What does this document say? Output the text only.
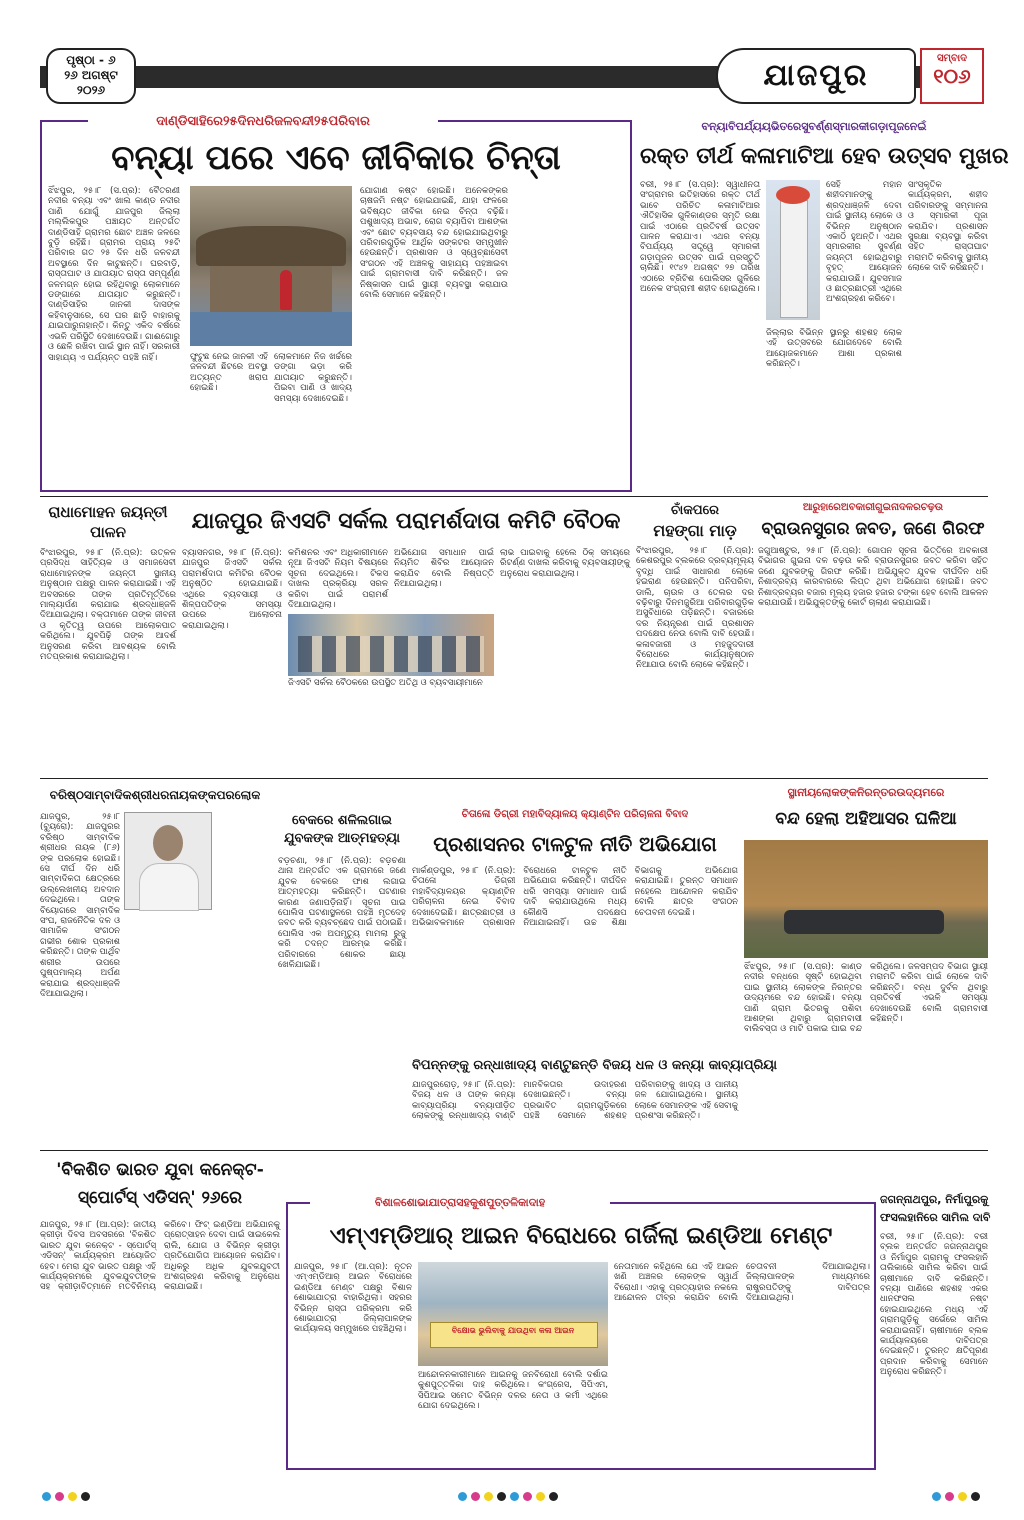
ପୃଷ୍ଠା - ୬
୨୬ ଅଗଷ୍ଟ
୨୦୨୬	ଯାଜପୁର	ସମ୍ବାଦ
୧୦୬
ଦାଣ୍ଡିସାହିରେ୨୫ଦିନଧରିଜଳବନ୍ଦୀ୨୫ପରିବାର
ବନ୍ୟା ପରେ ଏବେ ଜୀବିକାର ଚିନ୍ତା
ଝିଁଝପୁର, ୨୫।୮ (ସ.ପ୍ର): ବୈତରଣୀ ନଦୀର ବନ୍ୟା ଏବଂ ଖାଲ କାଣ୍ଡ ନଦୀର ପାଣି ଯୋଗୁଁ ଯାଜପୁର ଜିଲ୍ଲା ମଲ୍ଲିକପୁର ପଞ୍ଚାୟତ ଅନ୍ତର୍ଗତ ଦାଣ୍ଡିସାହି ଗ୍ରାମର ଛୋଟ ଅଞ୍ଚଳ ଜଳରେ ବୁଡ଼ି ରହିଛି। ଗ୍ରାମର ପ୍ରାୟ ୨୫ଟି ପରିବାର ଗତ ୨୫ ଦିନ ଧରି ଜଳବନ୍ଦୀ ଅବସ୍ଥାରେ ଦିନ କାଟୁଛନ୍ତି। ଘରବାଡ଼ି, ରାସ୍ତାଘାଟ ଓ ଯାତାୟାତ ରାସ୍ତା ସମ୍ପୂର୍ଣ୍ଣ ଜଳମଗ୍ନ ହୋଇ ରହିଥିବାରୁ ଲୋକମାନେ ଡଙ୍ଗାରେ ଯାତାୟାତ କରୁଛନ୍ତି। ଦାଣ୍ଡିସାହିର ଜାନକୀ ଦାସଙ୍କ କହିବାନୁସାରେ, ସେ ଘର ଛାଡ଼ି ବାହାରକୁ ଯାଇପାରୁନାହାନ୍ତି। କିନ୍ତୁ ଏକିଦ ବର୍ଷରେ ଏଭଳି ପରିସ୍ଥିତି ଦେଖାଦେଉଛି। ଗାଈଗୋରୁ ଓ ଛେଳି ରଖିବା ପାଇଁ ସ୍ଥାନ ନାହିଁ। ସରକାରୀ ସାହାଯ୍ୟ ଏ ପର୍ଯ୍ୟନ୍ତ ପହଞ୍ଚି ନାହିଁ।	ଫୁଟୁଛ ନେଇ ଜାନକୀ ଏହି ଜଳବନ୍ଦୀ ଛିଟରେ ଅବସ୍ଥା ଅତ୍ୟନ୍ତ ଖରାପ ହୋଇଛି।
ଲୋକମାନେ ନିଜ ଖର୍ଚ୍ଚରେ ଡଙ୍ଗା ଭଡ଼ା କରି ଯାତାୟାତ କରୁଛନ୍ତି। ପିଇବା ପାଣି ଓ ଖାଦ୍ୟ ସମସ୍ୟା ଦେଖାଦେଇଛି।
ଯୋଗାଣ କଷ୍ଟ ହୋଇଛି। ଅନେକଙ୍କର ଚାଷଜମି ନଷ୍ଟ ହୋଇଯାଇଛି, ଯାହା ଫଳରେ ଭବିଷ୍ୟତ ଜୀବିକା ନେଇ ଚିନ୍ତା ବଢ଼ିଛି। ପଶୁଖାଦ୍ୟ ଅଭାବ, ରୋଗ ବ୍ୟାପିବା ଆଶଙ୍କା ଏବଂ ଛୋଟ ବ୍ୟବସାୟ ବନ୍ଦ ହୋଇଯାଇଥିବାରୁ ପରିବାରଗୁଡ଼ିକ ଆର୍ଥିକ ସଙ୍କଟର ସମ୍ମୁଖୀନ ହେଉଛନ୍ତି। ପ୍ରଶାସନ ଓ ସ୍ୱେଚ୍ଛାସେବୀ ସଂଗଠନ ଏହି ଅଞ୍ଚଳକୁ ସାହାଯ୍ୟ ପହଞ୍ଚାଇବା ପାଇଁ ଗ୍ରାମବାସୀ ଦାବି କରିଛନ୍ତି। ଜଳ ନିଷ୍କାସନ ପାଇଁ ସ୍ଥାୟୀ ବ୍ୟବସ୍ଥା କରାଯାଉ ବୋଲି ସେମାନେ କହିଛନ୍ତି।
ବନ୍ୟାବିପର୍ଯ୍ୟୟଭିତରେସୁବର୍ଣ୍ଣସ୍ମାରକୀଗଡ଼ାପୂଜନେଇଁ
ରକ୍ତ ତୀର୍ଥ କଳାମାଟିଆ ହେବ ଉତ୍ସବ ମୁଖର
ବରୀ, ୨୫।୮ (ସ.ପ୍ର): ସ୍ୱାଧୀନତା ସଂଗ୍ରାମର ଇତିହାସରେ ରକ୍ତ ତୀର୍ଥ ଭାବେ ପରିଚିତ କଳାମାଟିଆର ଐତିହାସିକ ଗୁଳିକାଣ୍ଡର ସ୍ମୃତି ରକ୍ଷା ପାଇଁ ଏଠାରେ ପ୍ରତିବର୍ଷ ଉତ୍ସବ ପାଳନ କରାଯାଏ। ଏଥର ବନ୍ୟା ବିପର୍ଯ୍ୟୟ ସତ୍ତ୍ୱେ ସ୍ମାରକୀ ଗଡ଼ାପୂଜନ ଉତ୍ସବ ପାଇଁ ପ୍ରସ୍ତୁତି ଚାଲିଛି। ୧୯୪୨ ଅଗଷ୍ଟ ୨୭ ତାରିଖ ଏଠାରେ ବ୍ରିଟିଶ ପୋଲିସର ଗୁଳିରେ ଅନେକ ସଂଗ୍ରାମୀ ଶହୀଦ ହୋଇଥିଲେ।
ସେହି ମହାନ ଶହୀଦମାନଙ୍କୁ ଶ୍ରଦ୍ଧାଞ୍ଜଳି ଦେବା ପାଇଁ ସ୍ଥାନୀୟ ଲୋକେ ଓ ବିଭିନ୍ନ ଅନୁଷ୍ଠାନ ଏକାଠି ହୁଅନ୍ତି। ଏଥର ସ୍ମାରକୀର ସୁବର୍ଣ୍ଣ ଜୟନ୍ତୀ ହୋଇଥିବାରୁ ବୃହତ୍ ଆୟୋଜନ କରାଯାଉଛି। ଯୁବସମାଜ ଓ ଛାତ୍ରଛାତ୍ରୀ ଏଥିରେ ଅଂଶଗ୍ରହଣ କରିବେ।
ସାଂସ୍କୃତିକ କାର୍ଯ୍ୟକ୍ରମ, ଶହୀଦ ପରିବାରଙ୍କୁ ସମ୍ମାନନା ଓ ସ୍ମାରକୀ ପୂଜା କରାଯିବ। ପ୍ରଶାସନ ସୁରକ୍ଷା ବ୍ୟବସ୍ଥା କରିବା ସହିତ ରାସ୍ତାଘାଟ ମରାମତି କରିବାକୁ ସ୍ଥାନୀୟ ଲୋକେ ଦାବି କରିଛନ୍ତି।
ଜିଲ୍ଲାର ବିଭିନ୍ନ ସ୍ଥାନରୁ ଶହଶହ ଲୋକ ଏହି ଉତ୍ସବରେ ଯୋଗଦେବେ ବୋଲି ଆୟୋଜକମାନେ ଆଶା ପ୍ରକାଶ କରିଛନ୍ତି।
ରାଧାମୋହନ ଜୟନ୍ତୀ ପାଳନ
ବିଂଝାରପୁର, ୨୫।୮ (ନି.ପ୍ର): ଉତ୍କଳ ପ୍ରସିଦ୍ଧ ସାହିତ୍ୟିକ ଓ ସମାଜସେବୀ ରାଧାମୋହନଙ୍କ ଜୟନ୍ତୀ ସ୍ଥାନୀୟ ଅନୁଷ୍ଠାନ ପକ୍ଷରୁ ପାଳନ କରାଯାଇଛି। ଏହି ଅବସରରେ ତାଙ୍କ ପ୍ରତିମୂର୍ତ୍ତିରେ ମାଲ୍ୟାର୍ପଣ କରାଯାଇ ଶ୍ରଦ୍ଧାଞ୍ଜଳି ଦିଆଯାଇଥିଲା। ବକ୍ତାମାନେ ତାଙ୍କ ଜୀବନୀ ଓ କୃତିତ୍ୱ ଉପରେ ଆଲୋକପାତ କରିଥିଲେ। ଯୁବପିଢ଼ି ତାଙ୍କ ଆଦର୍ଶ ଅନୁସରଣ କରିବା ଆବଶ୍ୟକ ବୋଲି ମତପ୍ରକାଶ କରାଯାଇଥିଲା।
ଯାଜପୁର ଜିଏସଟି ସର୍କଲ ପରାମର୍ଶଦାତା କମିଟି ବୈଠକ
ବ୍ୟାସନଗର, ୨୫।୮ (ନି.ପ୍ର): ଯାଜପୁର ଜିଏସଟି ସର୍କଲ ପରାମର୍ଶଦାତା କମିଟିର ବୈଠକ ଅନୁଷ୍ଠିତ ହୋଇଯାଇଛି। ଏଥିରେ ବ୍ୟବସାୟୀ ଓ ଶିଳ୍ପପତିଙ୍କ ସମସ୍ୟା ଉପରେ ଆଲୋଚନା କରାଯାଇଥିଲା।
କମିଶନର ଏବଂ ଅଧିକାରୀମାନେ ନୂଆ ଜିଏସଟି ନିୟମ ବିଷୟରେ ସୂଚନା ଦେଇଥିଲେ। ଟିକସ ଦାଖଲ ପ୍ରକ୍ରିୟା ସରଳ କରିବା ପାଇଁ ପରାମର୍ଶ ଦିଆଯାଇଥିଲା।
ଅଭିଯୋଗ ସମାଧାନ ପାଇଁ ନିୟମିତ ଶିବିର ଆୟୋଜନ କରାଯିବ ବୋଲି ନିଷ୍ପତ୍ତି ନିଆଯାଇଥିଲା।
ଲାଭ ପାଇବାକୁ ହେଲେ ଠିକ୍ ସମୟରେ ରିଟର୍ଣ୍ଣ ଦାଖଲ କରିବାକୁ ବ୍ୟବସାୟୀଙ୍କୁ ଅନୁରୋଧ କରାଯାଇଥିଲା।
ଜିଏସଟି ସର୍କଲ ବୈଠକରେ ଉପସ୍ଥିତ ଅତିଥି ଓ ବ୍ୟବସାୟୀମାନେ
ଚାଁକପରେ
ମହଙ୍ଗା ମାଡ଼
ବିଂଝାରପୁର, ୨୫।୮ (ନି.ପ୍ର): କେଶରପୁର ବ୍ଲକରେ ଦ୍ରବ୍ୟମୂଲ୍ୟ ବୃଦ୍ଧି ପାଇଁ ସାଧାରଣ ଲୋକେ ହଇରାଣ ହେଉଛନ୍ତି। ପନିପରିବା, ଡାଲି, ଚାଉଳ ଓ ତେଲର ଦର ବଢ଼ିବାରୁ ଦିନମଜୁରିଆ ପରିବାରଗୁଡ଼ିକ ଅସୁବିଧାରେ ପଡ଼ିଛନ୍ତି। ବଜାରରେ ଦର ନିୟନ୍ତ୍ରଣ ପାଇଁ ପ୍ରଶାସନ ପଦକ୍ଷେପ ନେଉ ବୋଲି ଦାବି ହେଉଛି। କଳାବଜାରୀ ଓ ମହଜୁଦଦାରୀ ବିରୋଧରେ କାର୍ଯ୍ୟାନୁଷ୍ଠାନ ନିଆଯାଉ ବୋଲି ଲୋକେ କହିଛନ୍ତି।
ଆରୁହାରେଅବକାରୀଗୁଇନାଦଳରଚଢ଼ଉ
ବ୍ରାଉନସୁଗର ଜବତ, ଜଣେ ଗିରଫ
ଜଗୁଆଷ୍ଟୁର, ୨୫।୮ (ନି.ପ୍ର): ଗୋପନ ସୂଚନା ଭିତ୍ତିରେ ଅବକାରୀ ବିଭାଗର ଗୁଇନା ଦଳ ଚଢ଼ଉ କରି ବ୍ରାଉନସୁଗର ଜବତ କରିବା ସହିତ ଜଣେ ଯୁବକଙ୍କୁ ଗିରଫ କରିଛି। ଅଭିଯୁକ୍ତ ଯୁବକ ଦୀର୍ଘଦିନ ଧରି ନିଶାଦ୍ରବ୍ୟ କାରବାରରେ ଲିପ୍ତ ଥିବା ଅଭିଯୋଗ ହୋଇଛି। ଜବତ ନିଶାଦ୍ରବ୍ୟର ବଜାର ମୂଲ୍ୟ ହଜାର ହଜାର ଟଙ୍କା ହେବ ବୋଲି ଆକଳନ କରାଯାଉଛି। ଅଭିଯୁକ୍ତଙ୍କୁ କୋର୍ଟ ଚାଲାଣ କରାଯାଇଛି।
ବରିଷ୍ଠସାମ୍ବାଦିକଶ୍ରୀଧରନାୟକଙ୍କପରଲୋକ
ଯାଜପୁର, ୨୫।୮ (ବ୍ୟୁରୋ): ଯାଜପୁରର ବରିଷ୍ଠ ସାମ୍ବାଦିକ ଶ୍ରୀଧର ନାୟକ (୮୬) ଙ୍କ ପରଲୋକ ହୋଇଛି। ସେ ଦୀର୍ଘ ଦିନ ଧରି ସାମ୍ବାଦିକତା କ୍ଷେତ୍ରରେ ଉଲ୍ଲେଖନୀୟ ଅବଦାନ ଦେଇଥିଲେ। ତାଙ୍କ ବିୟୋଗରେ ସାମ୍ବାଦିକ ସଂଘ, ରାଜନୈତିକ ଦଳ ଓ ସାମାଜିକ ସଂଗଠନ ଗଭୀର ଶୋକ ପ୍ରକାଶ କରିଛନ୍ତି। ତାଙ୍କ ପାର୍ଥିବ ଶରୀର ଉପରେ ପୁଷ୍ପମାଲ୍ୟ ଅର୍ପଣ କରାଯାଇ ଶ୍ରଦ୍ଧାଞ୍ଜଳି ଦିଆଯାଇଥିଲା।
ବେକରେ ଶଳିଲଗାଇ
ଯୁବକଙ୍କ ଆତ୍ମହତ୍ୟା
ବଡ଼ଚଣା, ୨୫।୮ (ନି.ପ୍ର): ବଡ଼ଚଣା ଥାନା ଅନ୍ତର୍ଗତ ଏକ ଗ୍ରାମରେ ଜଣେ ଯୁବକ ବେକରେ ଫାଶ ଲଗାଇ ଆତ୍ମହତ୍ୟା କରିଛନ୍ତି। ଘଟଣାର କାରଣ ଜଣାପଡ଼ିନାହିଁ। ସୂଚନା ପାଇ ପୋଲିସ ଘଟଣାସ୍ଥଳରେ ପହଞ୍ଚି ମୃତଦେହ ଜବତ କରି ବ୍ୟବଚ୍ଛେଦ ପାଇଁ ପଠାଇଛି। ପୋଲିସ ଏକ ଅପମୃତ୍ୟୁ ମାମଲା ରୁଜୁ କରି ତଦନ୍ତ ଆରମ୍ଭ କରିଛି। ପରିବାରରେ ଶୋକର ଛାୟା ଖେଳିଯାଇଛି।
ଚିତାଳୋ ଡିଗ୍ରୀ ମହାବିଦ୍ୟାଳୟ କ୍ୟାଣ୍ଟିନ ପରିଚାଳନା ବିବାଦ
ପ୍ରଶାସନର ଟାଳଟୁଳ ନୀତି ଅଭିଯୋଗ
ମାର୍କଣ୍ଡପୁର, ୨୫।୮ (ନି.ପ୍ର): ଚିତାଳୋ ଡିଗ୍ରୀ ମହାବିଦ୍ୟାଳୟର କ୍ୟାଣ୍ଟିନ ପରିଚାଳନା ନେଇ ବିବାଦ ଦେଖାଦେଇଛି। ଛାତ୍ରଛାତ୍ରୀ ଓ ଅଭିଭାବକମାନେ ପ୍ରଶାସନ ବିରୋଧରେ ଟାଳଟୁଳ ନୀତି ଅଭିଯୋଗ କରିଛନ୍ତି। ଦୀର୍ଘଦିନ ଧରି ସମସ୍ୟା ସମାଧାନ ପାଇଁ ଦାବି କରାଯାଉଥିଲେ ମଧ୍ୟ କୌଣସି ପଦକ୍ଷେପ ନିଆଯାଇନାହିଁ। ଉଚ୍ଚ ଶିକ୍ଷା ବିଭାଗକୁ ଅଭିଯୋଗ କରାଯାଇଛି। ତୁରନ୍ତ ସମାଧାନ ନହେଲେ ଆନ୍ଦୋଳନ କରାଯିବ ବୋଲି ଛାତ୍ର ସଂଗଠନ ଚେତାବନୀ ଦେଇଛି।
ସ୍ଥାନୀୟଲୋକଙ୍କନିରନ୍ତରଉଦ୍ୟମରେ
ବନ୍ଦ ହେଲା ଅହିଆସର ଘଳିଆ
ଝିଁଝପୁର, ୨୫।୮ (ସ.ପ୍ର): କାଣ୍ଡ ନଦୀର ବନ୍ଧରେ ସୃଷ୍ଟି ହୋଇଥିବା ଘାଇ ସ୍ଥାନୀୟ ଲୋକଙ୍କ ନିରନ୍ତର ଉଦ୍ୟମରେ ବନ୍ଦ ହୋଇଛି। ବନ୍ୟା ପାଣି ଗ୍ରାମ ଭିତରକୁ ପଶିବା ଆଶଙ୍କା ଥିବାରୁ ଗ୍ରାମବାସୀ ବାଲିବସ୍ତା ଓ ମାଟି ପକାଇ ଘାଇ ବନ୍ଦ କରିଥିଲେ। ଜଳସମ୍ପଦ ବିଭାଗ ସ୍ଥାୟୀ ମରାମତି କରିବା ପାଇଁ ଲୋକେ ଦାବି କରିଛନ୍ତି। ବନ୍ଧ ଦୁର୍ବଳ ଥିବାରୁ ପ୍ରତିବର୍ଷ ଏଭଳି ସମସ୍ୟା ଦେଖାଦେଉଛି ବୋଲି ଗ୍ରାମବାସୀ କହିଛନ୍ତି।
ବିପନ୍ନଙ୍କୁ ରନ୍ଧାଖାଦ୍ୟ ବାଣ୍ଟୁଛନ୍ତି ବିଜୟ ଧଳ ଓ କନ୍ୟା କାବ୍ୟାପ୍ରିୟା
ଯାଜପୁରରୋଡ଼, ୨୫।୮ (ନି.ପ୍ର): ବିଜୟ ଧଳ ଓ ତାଙ୍କ କନ୍ୟା କାବ୍ୟାପ୍ରିୟା ବନ୍ୟାପୀଡ଼ିତ ଲୋକଙ୍କୁ ରନ୍ଧାଖାଦ୍ୟ ବାଣ୍ଟି ମାନବିକତାର ଉଦାହରଣ ଦେଖାଇଛନ୍ତି। ବନ୍ୟା ପ୍ରଭାବିତ ଗ୍ରାମଗୁଡ଼ିକରେ ପହଞ୍ଚି ସେମାନେ ଶହଶହ ପରିବାରଙ୍କୁ ଖାଦ୍ୟ ଓ ପାନୀୟ ଜଳ ଯୋଗାଇଥିଲେ। ସ୍ଥାନୀୟ ଲୋକେ ସେମାନଙ୍କ ଏହି ସେବାକୁ ପ୍ରଶଂସା କରିଛନ୍ତି।
'ବିକଶିତ ଭାରତ ଯୁବା କନେକ୍ଟ-
ସ୍ପୋର୍ଟସ୍ ଏଡିସନ୍' ୨୬ରେ
ଯାଜପୁର, ୨୫।୮ (ଆ.ପ୍ର): ଜାତୀୟ କ୍ରୀଡ଼ା ଦିବସ ଅବସରରେ 'ବିକଶିତ ଭାରତ ଯୁବା କନେକ୍ଟ - ସ୍ପୋର୍ଟସ୍ ଏଡିସନ୍' କାର୍ଯ୍ୟକ୍ରମ ଆୟୋଜିତ ହେବ। ମେରା ଯୁବ ଭାରତ ପକ୍ଷରୁ ଏହି କାର୍ଯ୍ୟକ୍ରମରେ ଯୁବକଯୁବତୀଙ୍କ ସହ କ୍ରୀଡ଼ାବିତ୍ମାନେ ମତବିନିମୟ କରିବେ। ଫିଟ୍ ଇଣ୍ଡିଆ ଅଭିଯାନକୁ ପ୍ରୋତ୍ସାହନ ଦେବା ପାଇଁ ସାଇକେଲ ରାଲି, ଯୋଗ ଓ ବିଭିନ୍ନ କ୍ରୀଡ଼ା ପ୍ରତିଯୋଗିତା ଆୟୋଜନ କରାଯିବ। ଅଧିକରୁ ଅଧିକ ଯୁବକଯୁବତୀ ଅଂଶଗ୍ରହଣ କରିବାକୁ ଅନୁରୋଧ କରାଯାଇଛି।
ବିଶାଳଶୋଭାଯାତ୍ରାସହକୁଶପୁତ୍ତଳିକାଦାହ
ଏମ୍ଏମ୍ଡିଆର୍ ଆଇନ ବିରୋଧରେ ଗର୍ଜିଲା ଇଣ୍ଡିଆ ମେଣ୍ଟ
ଯାଜପୁର, ୨୫।୮ (ଆ.ପ୍ର): ନୂତନ ଏମ୍ଏମ୍ଡିଆର୍ ଆଇନ ବିରୋଧରେ ଇଣ୍ଡିଆ ମେଣ୍ଟ ପକ୍ଷରୁ ବିଶାଳ ଶୋଭାଯାତ୍ରା ବାହାରିଥିଲା। ସହରର ବିଭିନ୍ନ ରାସ୍ତା ପରିକ୍ରମା କରି ଶୋଭାଯାତ୍ରା ଜିଲ୍ଲାପାଳଙ୍କ କାର୍ଯ୍ୟାଳୟ ସମ୍ମୁଖରେ ପହଞ୍ଚିଥିଲା।	ବିକ୍ଷୋଭ ଭୁଲିବାକୁ ଯାଉଥିବା କଳା ଆଇନ
ଆନ୍ଦୋଳନକାରୀମାନେ ଆଇନକୁ ଜନବିରୋଧୀ ବୋଲି ଦର୍ଶାଇ କୁଶପୁତ୍ତଳିକା ଦାହ କରିଥିଲେ। କଂଗ୍ରେସ, ସିପିଏମ, ସିପିଆଇ ସମେତ ବିଭିନ୍ନ ଦଳର ନେତା ଓ କର୍ମୀ ଏଥିରେ ଯୋଗ ଦେଇଥିଲେ।
ନେତାମାନେ କହିଥିଲେ ଯେ ଏହି ଆଇନ ଖଣି ଅଞ୍ଚଳର ଲୋକଙ୍କ ସ୍ୱାର୍ଥ ବିରୋଧୀ। ଏହାକୁ ପ୍ରତ୍ୟାହାର ନକଲେ ଆନ୍ଦୋଳନ ତୀବ୍ର କରାଯିବ ବୋଲି ଚେତାବନୀ ଦିଆଯାଇଥିଲା। ଜିଲ୍ଲାପାଳଙ୍କ ମାଧ୍ୟମରେ ରାଷ୍ଟ୍ରପତିଙ୍କୁ ଦାବିପତ୍ର ଦିଆଯାଇଥିଲା।
ଜଗନ୍ନାଥପୁର, ନିର୍ମାପୁରକୁ
ଫସଲହାନିରେ ସାମିଲ ଦାବି
ବରୀ, ୨୫।୮ (ନି.ପ୍ର): ବରୀ ବ୍ଲକ ଅନ୍ତର୍ଗତ ଜଗନ୍ନାଥପୁର ଓ ନିର୍ମାପୁର ଗ୍ରାମକୁ ଫସଲହାନି ତାଲିକାରେ ସାମିଲ କରିବା ପାଇଁ ଚାଷୀମାନେ ଦାବି କରିଛନ୍ତି। ବନ୍ୟା ପାଣିରେ ଶହଶହ ଏକର ଧାନଫସଲ ନଷ୍ଟ ହୋଇଯାଇଥିଲେ ମଧ୍ୟ ଏହି ଗ୍ରାମଗୁଡ଼ିକୁ ସର୍ଭେରେ ସାମିଲ କରାଯାଇନାହିଁ। ଚାଷୀମାନେ ବ୍ଲକ କାର୍ଯ୍ୟାଳୟରେ ଦାବିପତ୍ର ଦେଇଛନ୍ତି। ତୁରନ୍ତ କ୍ଷତିପୂରଣ ପ୍ରଦାନ କରିବାକୁ ସେମାନେ ଅନୁରୋଧ କରିଛନ୍ତି।
